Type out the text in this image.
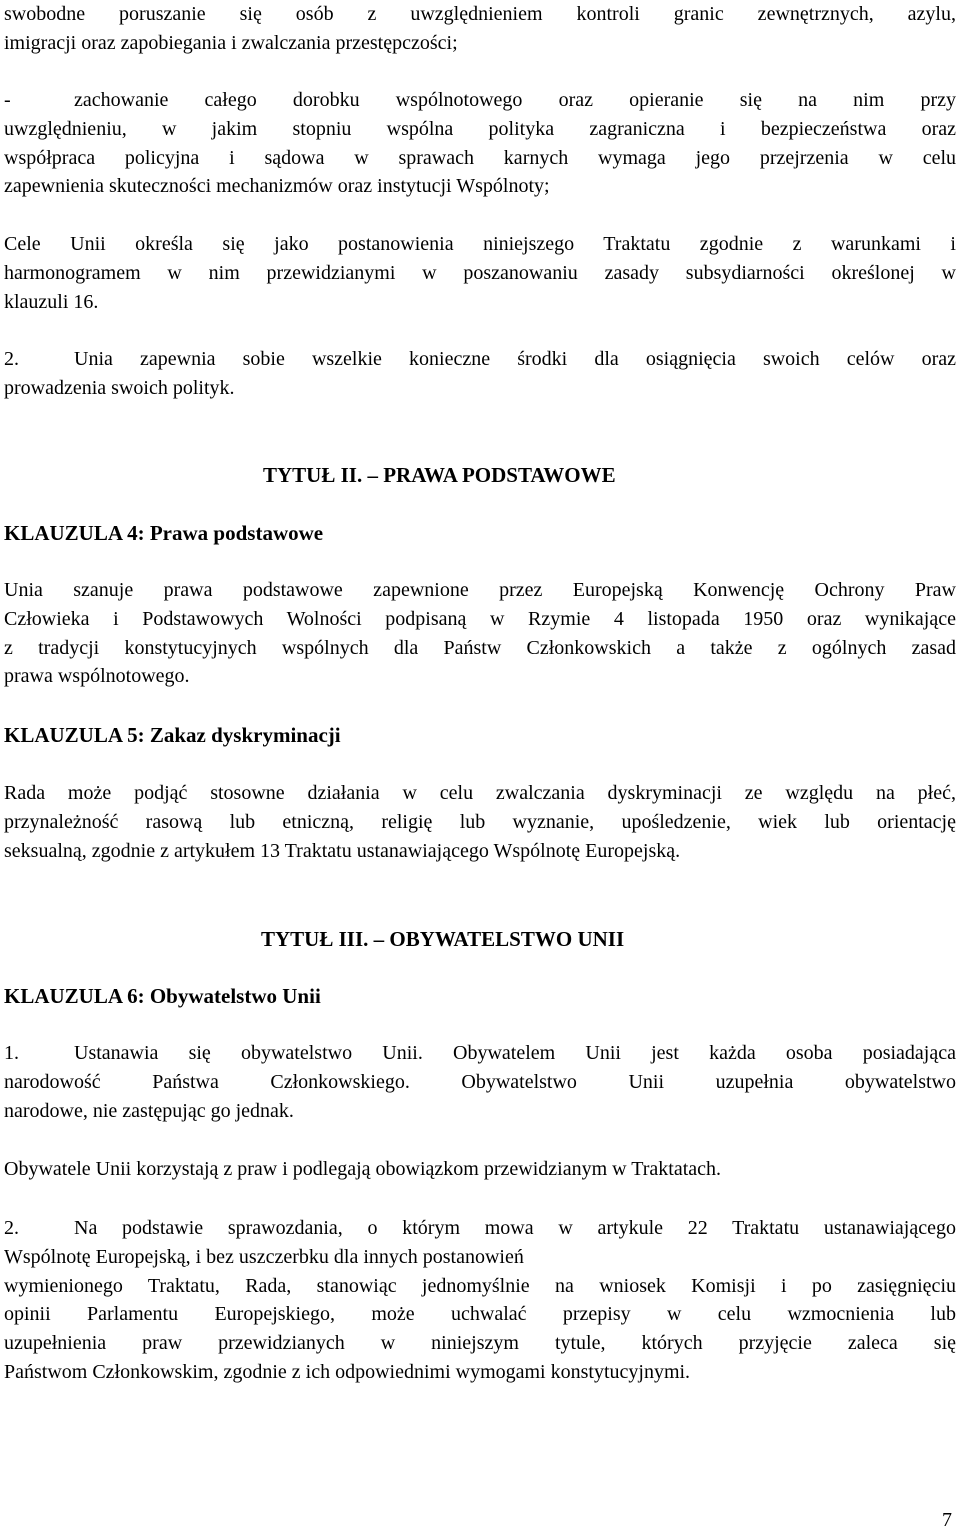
swobodne poruszanie się osób z uwzględnieniem kontroli granic zewnętrznych, azylu,
imigracji oraz zapobiegania i zwalczania przestępczości;
-	zachowanie całego dorobku wspólnotowego oraz opieranie się na nim przy
uwzględnieniu, w jakim stopniu wspólna polityka zagraniczna i bezpieczeństwa oraz
współpraca policyjna i sądowa w sprawach karnych wymaga jego przejrzenia w celu
zapewnienia skuteczności mechanizmów oraz instytucji Wspólnoty;
Cele Unii określa się jako postanowienia niniejszego Traktatu zgodnie z warunkami i
harmonogramem w nim przewidzianymi w poszanowaniu zasady subsydiarności określonej w
klauzuli 16.
2.	Unia zapewnia sobie wszelkie konieczne środki dla osiągnięcia swoich celów oraz
prowadzenia swoich polityk.
TYTUŁ II. – PRAWA PODSTAWOWE
KLAUZULA 4: Prawa podstawowe
Unia szanuje prawa podstawowe zapewnione przez Europejską Konwencję Ochrony Praw
Człowieka i Podstawowych Wolności podpisaną w Rzymie 4 listopada 1950 oraz wynikające
z tradycji konstytucyjnych wspólnych dla Państw Członkowskich a także z ogólnych zasad
prawa wspólnotowego.
KLAUZULA 5: Zakaz dyskryminacji
Rada może podjąć stosowne działania w celu zwalczania dyskryminacji ze względu na płeć,
przynależność rasową lub etniczną, religię lub wyznanie, upośledzenie, wiek lub orientację
seksualną, zgodnie z artykułem 13 Traktatu ustanawiającego Wspólnotę Europejską.
TYTUŁ III. – OBYWATELSTWO UNII
KLAUZULA 6: Obywatelstwo Unii
1.	Ustanawia się obywatelstwo Unii. Obywatelem Unii jest każda osoba posiadająca
narodowość Państwa Członkowskiego. Obywatelstwo Unii uzupełnia obywatelstwo
narodowe, nie zastępując go jednak.
Obywatele Unii korzystają z praw i podlegają obowiązkom przewidzianym w Traktatach.
2.	Na podstawie sprawozdania, o którym mowa w artykule 22 Traktatu ustanawiającego
Wspólnotę Europejską, i bez uszczerbku dla innych postanowień
wymienionego Traktatu, Rada, stanowiąc jednomyślnie na wniosek Komisji i po zasięgnięciu
opinii Parlamentu Europejskiego, może uchwalać przepisy w celu wzmocnienia lub
uzupełnienia praw przewidzianych w niniejszym tytule, których przyjęcie zaleca się
Państwom Członkowskim, zgodnie z ich odpowiednimi wymogami konstytucyjnymi.
7
